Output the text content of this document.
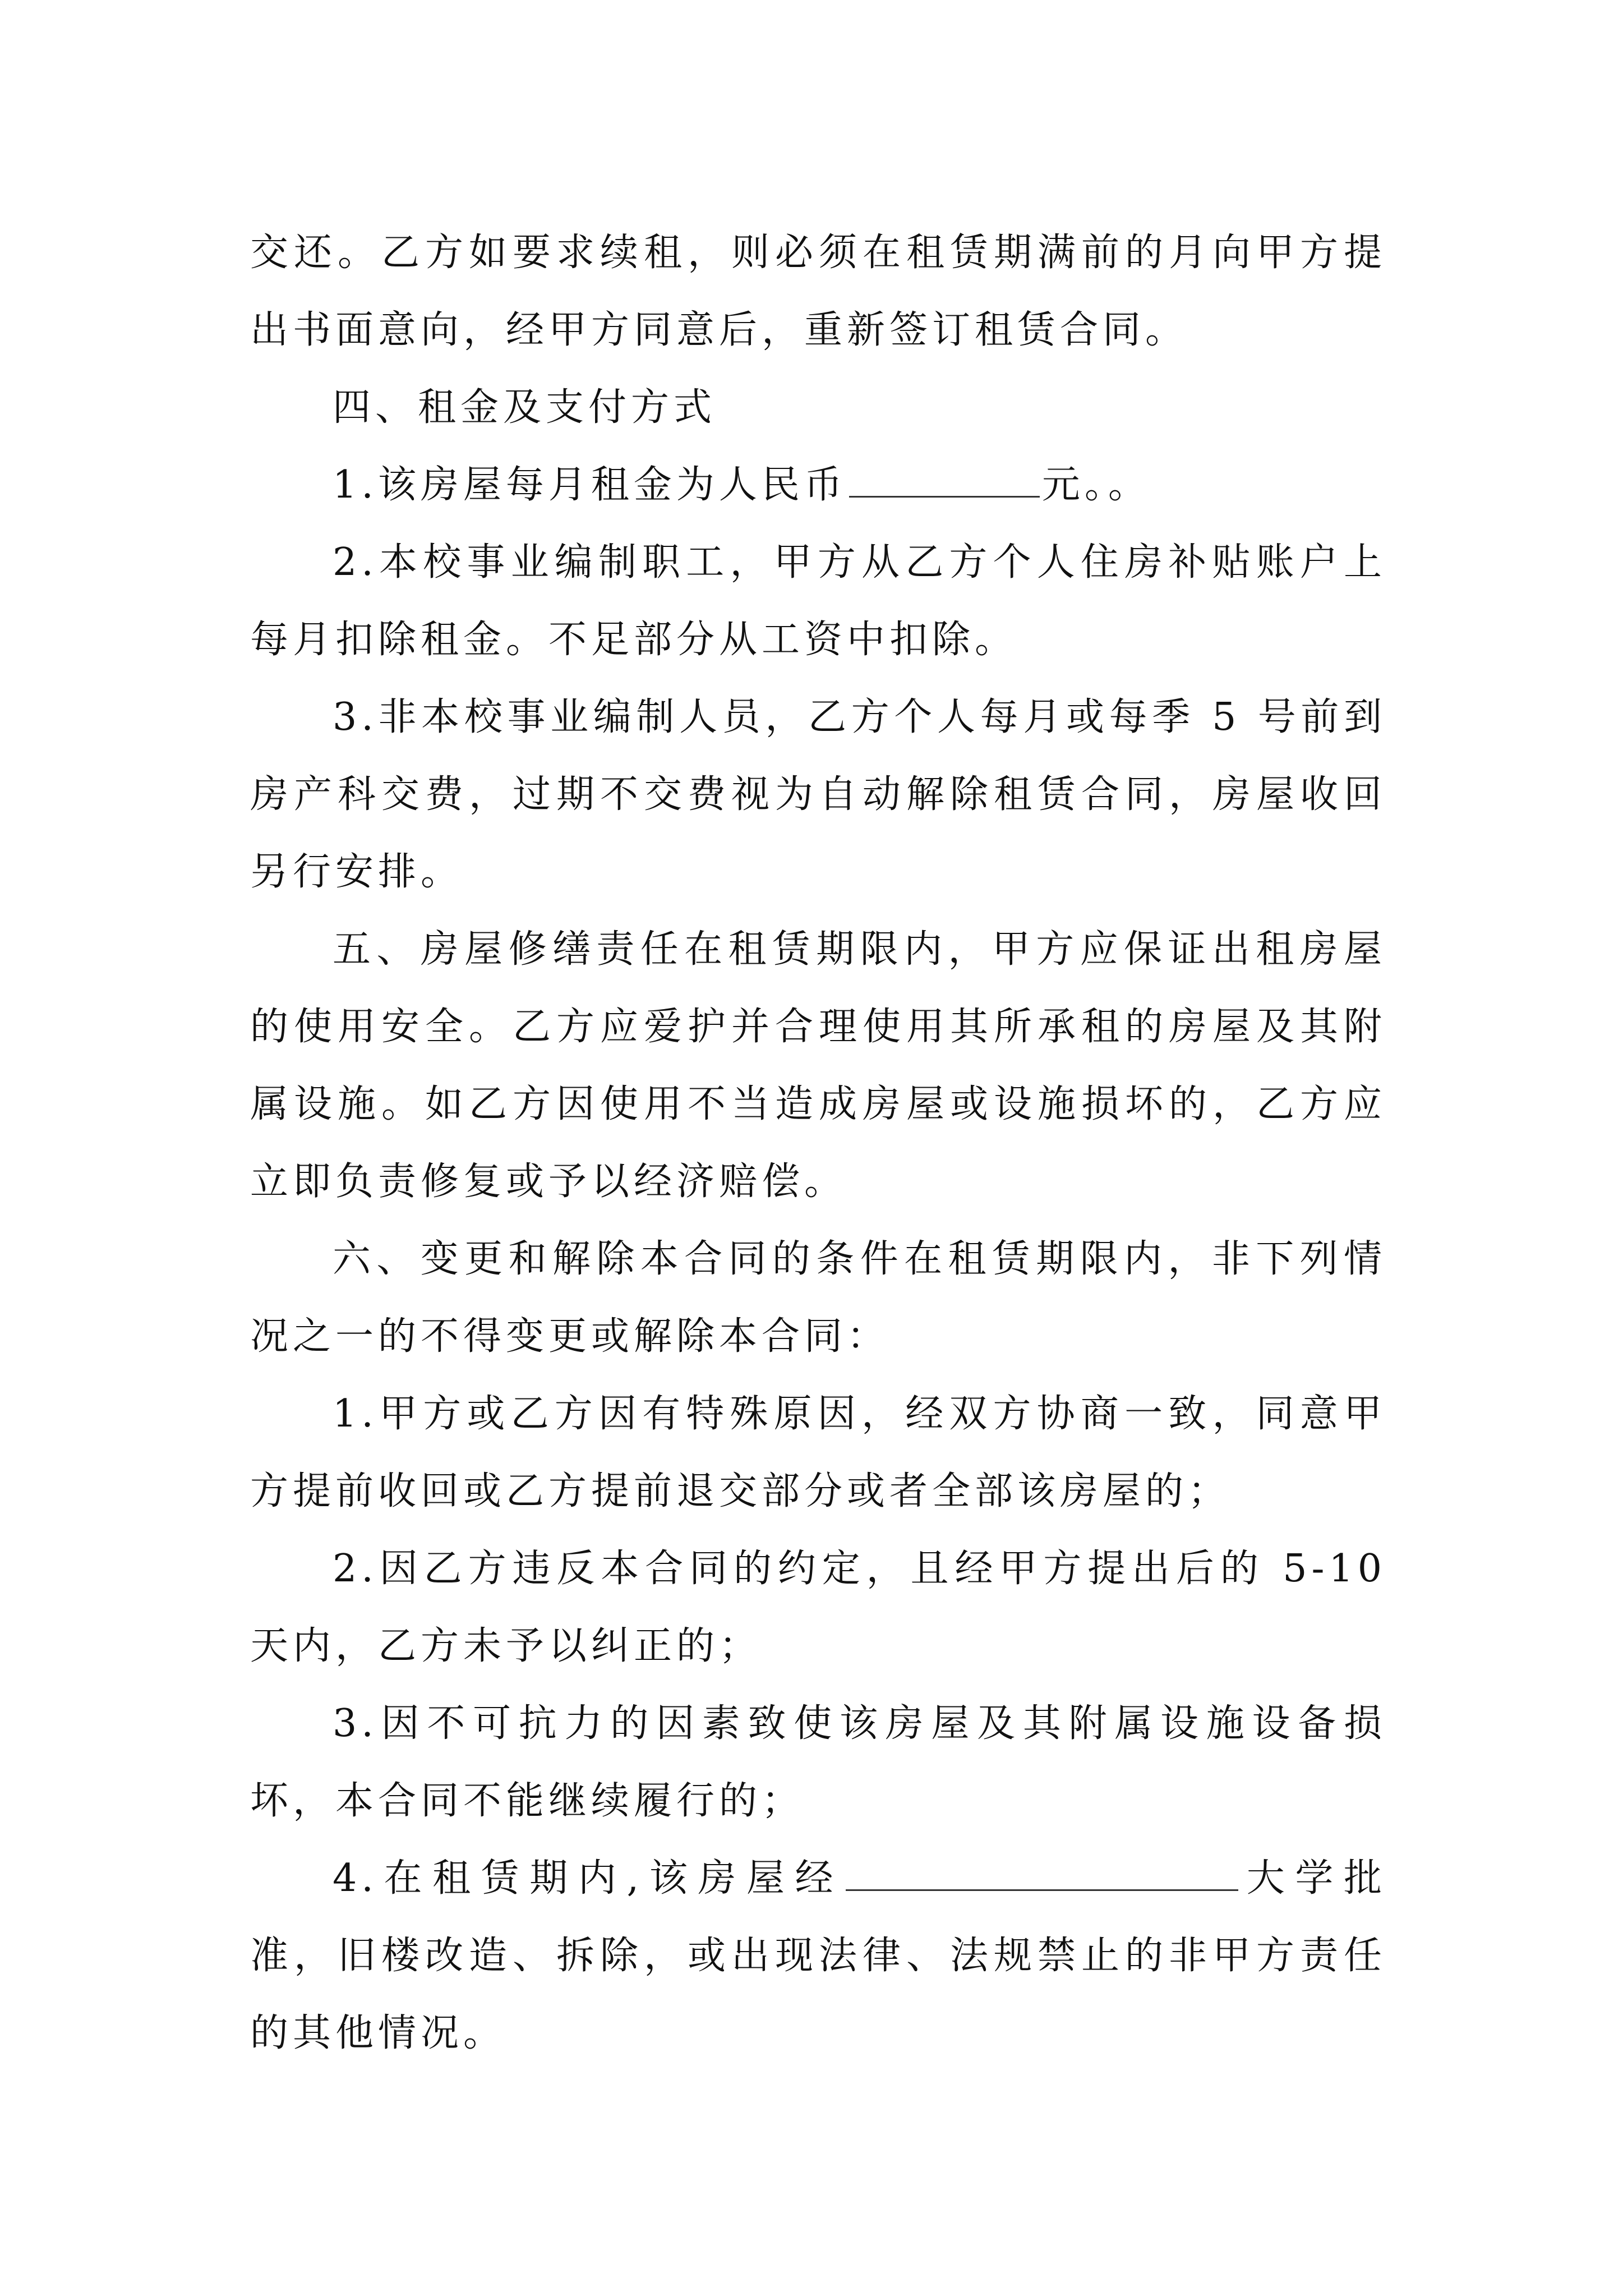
交还。乙方如要求续租，则必须在租赁期满前的月向甲方提出书面意向，经甲方同意后，重新签订租赁合同。

四、租金及支付方式

1.该房屋每月租金为人民币	元。。

2.本校事业编制职工，甲方从乙方个人住房补贴账户上每月扣除租金。不足部分从工资中扣除。

3.非本校事业编制人员，乙方个人每月或每季 5 号前到房产科交费，过期不交费视为自动解除租赁合同，房屋收回另行安排。

五、房屋修缮责任在租赁期限内，甲方应保证出租房屋的使用安全。乙方应爱护并合理使用其所承租的房屋及其附属设施。如乙方因使用不当造成房屋或设施损坏的，乙方应立即负责修复或予以经济赔偿。

六、变更和解除本合同的条件在租赁期限内，非下列情况之一的不得变更或解除本合同：

1.甲方或乙方因有特殊原因，经双方协商一致，同意甲方提前收回或乙方提前退交部分或者全部该房屋的；

2.因乙方违反本合同的约定，且经甲方提出后的 5-10天内，乙方未予以纠正的；

3.因不可抗力的因素致使该房屋及其附属设施设备损坏，本合同不能继续履行的；

4.在租赁期内,该房屋经	大学批准，旧楼改造、拆除，或出现法律、法规禁止的非甲方责任的其他情况。
